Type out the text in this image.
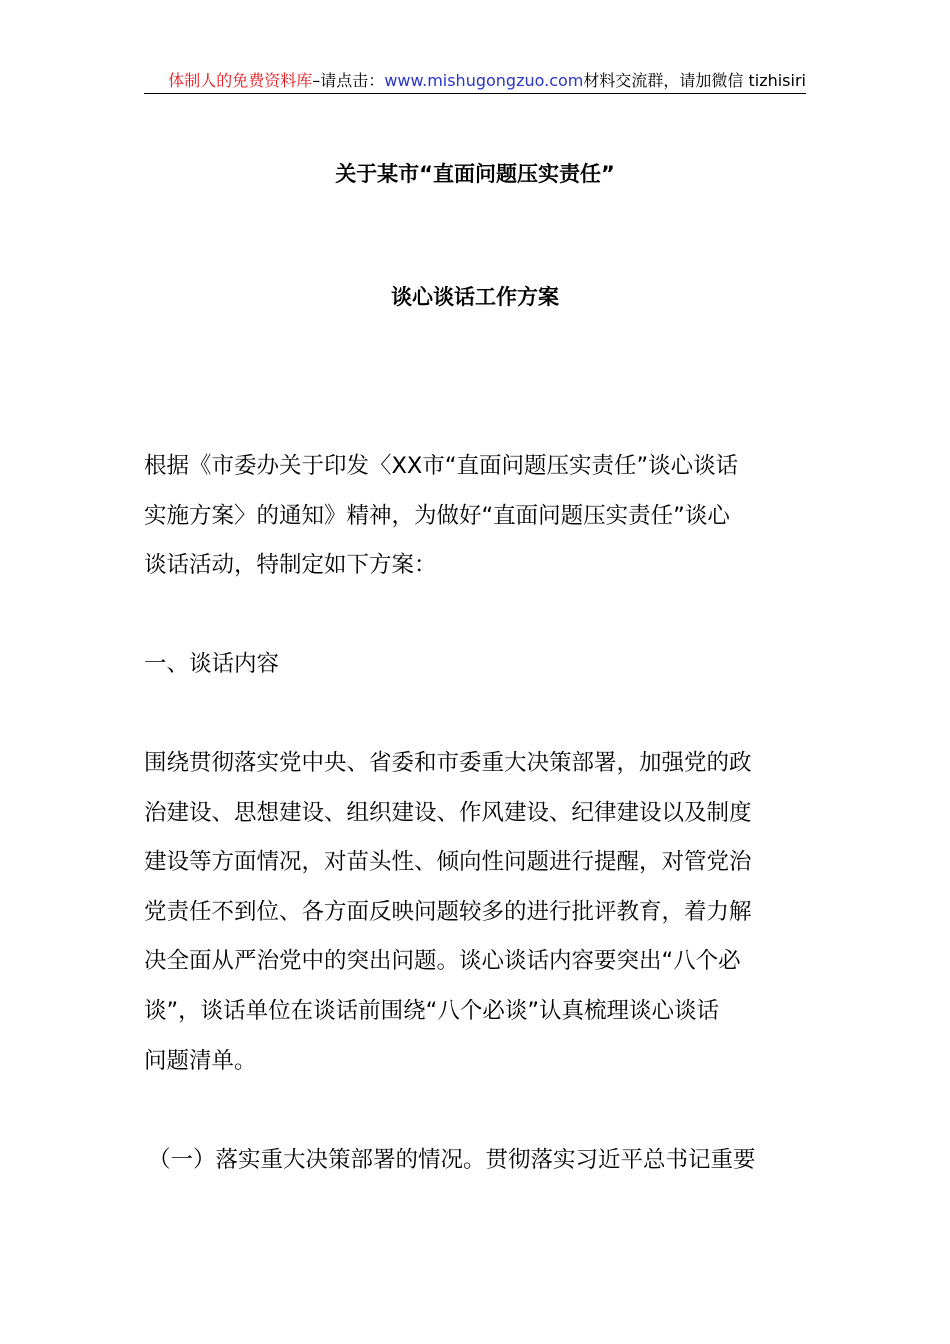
体制人的免费资料库–请点击：www.mishugongzuo.com材料交流群，请加微信 tizhisiri
关于某市“直面问题压实责任”
谈心谈话工作方案
根据《市委办关于印发〈XX市“直面问题压实责任”谈心谈话
实施方案〉的通知》精神，为做好“直面问题压实责任”谈心
谈话活动，特制定如下方案：
一、谈话内容
围绕贯彻落实党中央、省委和市委重大决策部署，加强党的政
治建设、思想建设、组织建设、作风建设、纪律建设以及制度
建设等方面情况，对苗头性、倾向性问题进行提醒，对管党治
党责任不到位、各方面反映问题较多的进行批评教育，着力解
决全面从严治党中的突出问题。谈心谈话内容要突出“八个必
谈”，谈话单位在谈话前围绕“八个必谈”认真梳理谈心谈话
问题清单。
（一）落实重大决策部署的情况。贯彻落实习近平总书记重要
